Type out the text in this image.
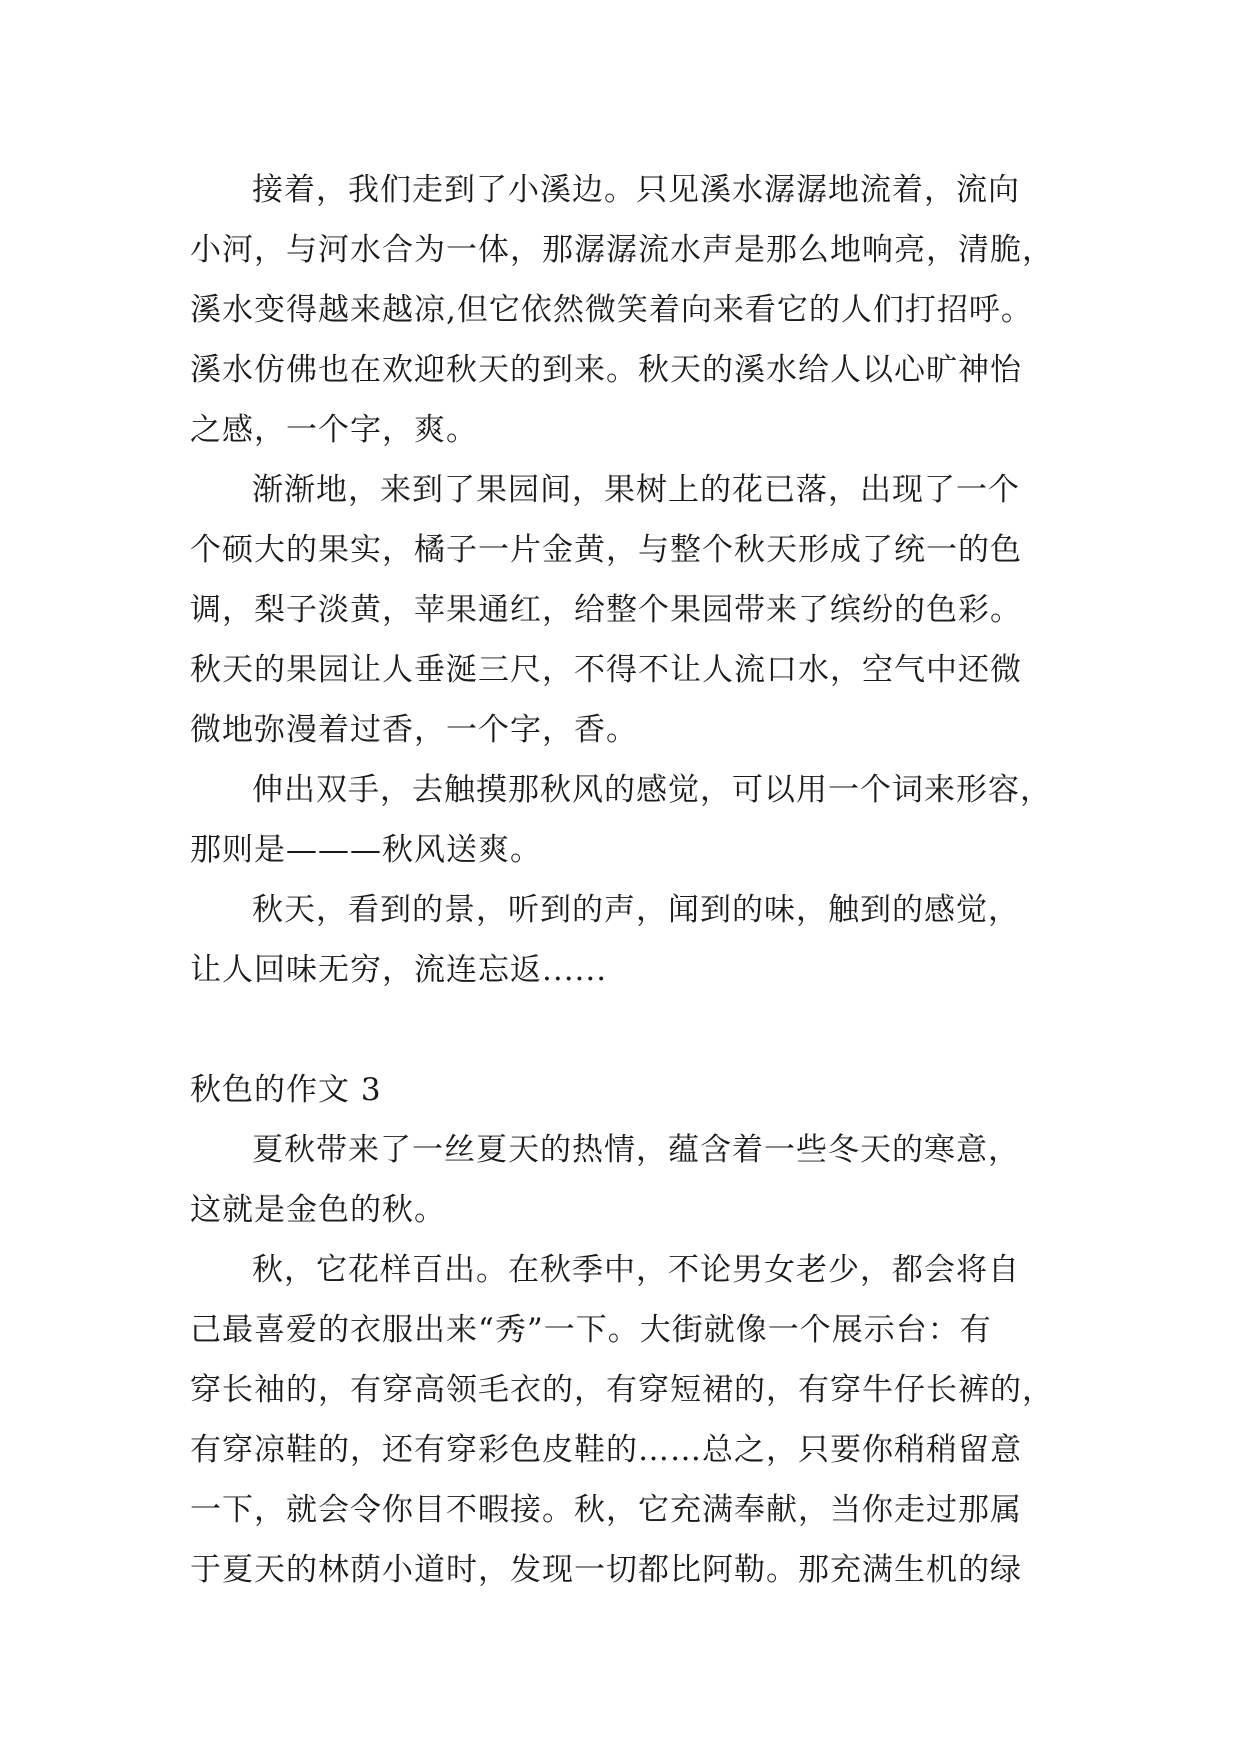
接着，我们走到了小溪边。只见溪水潺潺地流着，流向
小河，与河水合为一体，那潺潺流水声是那么地响亮，清脆，
溪水变得越来越凉,但它依然微笑着向来看它的人们打招呼。
溪水仿佛也在欢迎秋天的到来。秋天的溪水给人以心旷神怡
之感，一个字，爽。
渐渐地，来到了果园间，果树上的花已落，出现了一个
个硕大的果实，橘子一片金黄，与整个秋天形成了统一的色
调，梨子淡黄，苹果通红，给整个果园带来了缤纷的色彩。
秋天的果园让人垂涎三尺，不得不让人流口水，空气中还微
微地弥漫着过香，一个字，香。
伸出双手，去触摸那秋风的感觉，可以用一个词来形容，
那则是———秋风送爽。
秋天，看到的景，听到的声，闻到的味，触到的感觉，
让人回味无穷，流连忘返......
秋色的作文 3
夏秋带来了一丝夏天的热情，蕴含着一些冬天的寒意，
这就是金色的秋。
秋，它花样百出。在秋季中，不论男女老少，都会将自
己最喜爱的衣服出来“秀”一下。大街就像一个展示台：有
穿长袖的，有穿高领毛衣的，有穿短裙的，有穿牛仔长裤的，
有穿凉鞋的，还有穿彩色皮鞋的……总之，只要你稍稍留意
一下，就会令你目不暇接。秋，它充满奉献，当你走过那属
于夏天的林荫小道时，发现一切都比阿勒。那充满生机的绿
